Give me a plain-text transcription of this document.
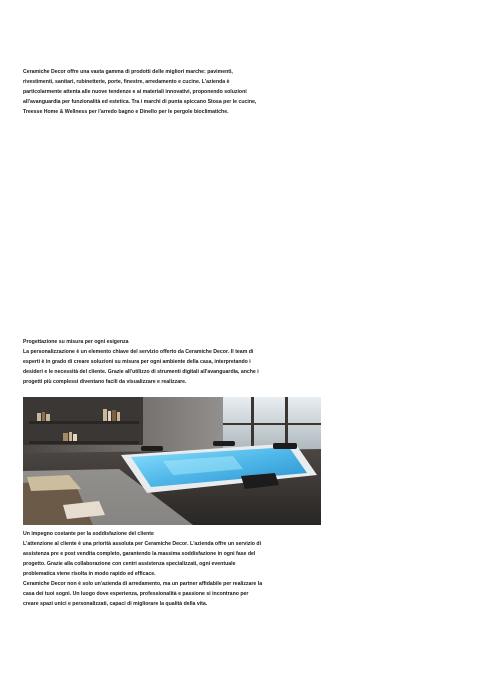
Ceramiche Decor offre una vasta gamma di prodotti delle migliori marche: pavimenti, rivestimenti, sanitari, rubinetterie, porte, finestre, arredamento e cucine. L'azienda è particolarmente attenta alle nuove tendenze e ai materiali innovativi, proponendo soluzioni all'avanguardia per funzionalità ed estetica. Tra i marchi di punta spiccano Stosa per le cucine, Treesse Home & Wellness per l'arredo bagno e Dinello per le pergole bioclimatiche.

Progettazione su misura per ogni esigenza

La personalizzazione è un elemento chiave del servizio offerto da Ceramiche Decor. Il team di esperti è in grado di creare soluzioni su misura per ogni ambiente della casa, interpretando i desideri e le necessità del cliente. Grazie all'utilizzo di strumenti digitali all'avanguardia, anche i progetti più complessi diventano facili da visualizzare e realizzare.

Un impegno costante per la soddisfazione del cliente

L'attenzione al cliente è una priorità assoluta per Ceramiche Decor. L'azienda offre un servizio di assistenza pre e post vendita completo, garantendo la massima soddisfazione in ogni fase del progetto. Grazie alla collaborazione con centri assistenza specializzati, ogni eventuale problematica viene risolta in modo rapido ed efficace.

Ceramiche Decor non è solo un'azienda di arredamento, ma un partner affidabile per realizzare la casa dei tuoi sogni. Un luogo dove esperienza, professionalità e passione si incontrano per creare spazi unici e personalizzati, capaci di migliorare la qualità della vita.
